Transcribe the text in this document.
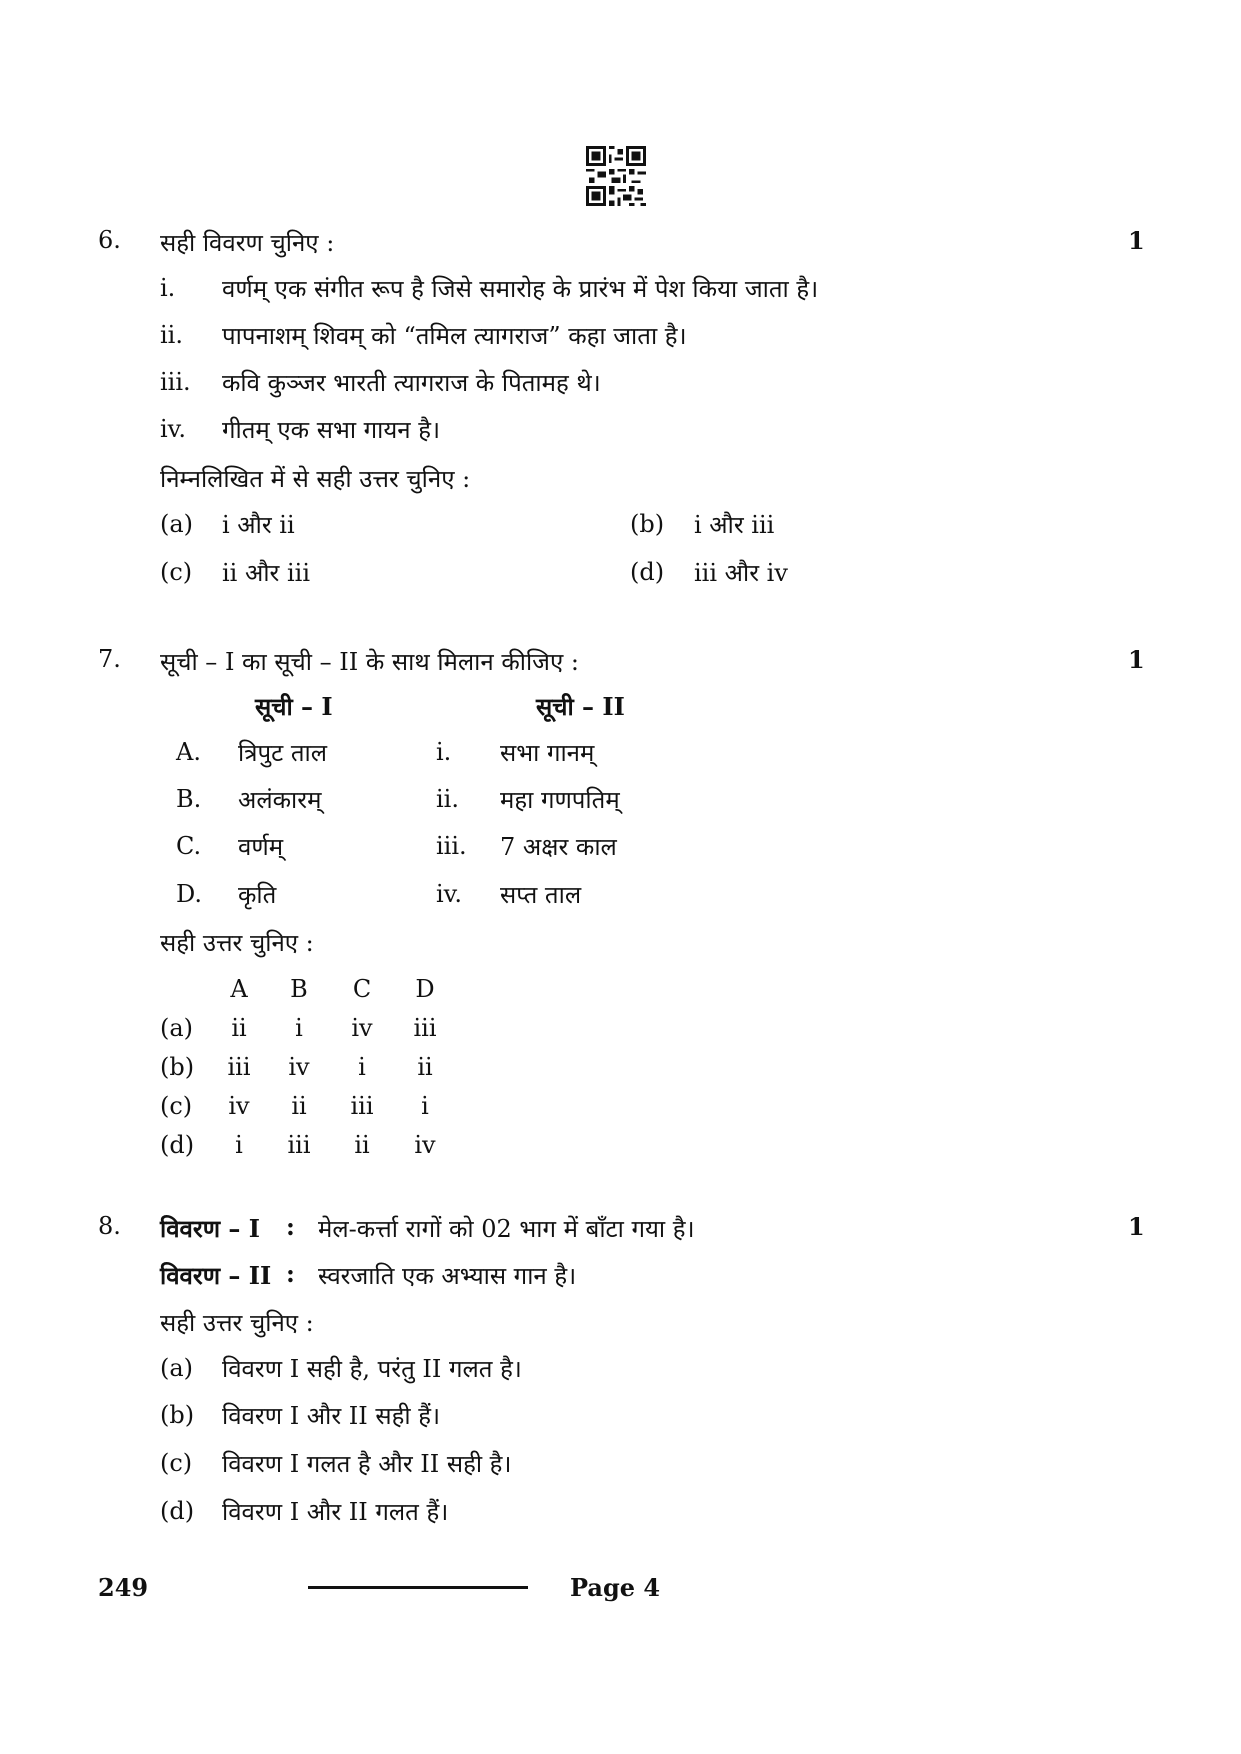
6. सही विवरण चुनिए :	1
i. वर्णम् एक संगीत रूप है जिसे समारोह के प्रारंभ में पेश किया जाता है।
ii. पापनाशम् शिवम् को “तमिल त्यागराज” कहा जाता है।
iii. कवि कुञ्जर भारती त्यागराज के पितामह थे।
iv. गीतम् एक सभा गायन है।
निम्नलिखित में से सही उत्तर चुनिए :
(a) i और ii	(b) i और iii
(c) ii और iii	(d) iii और iv
7. सूची – I का सूची – II के साथ मिलान कीजिए :	1
सूची – I	सूची – II
A. त्रिपुट ताल	i. सभा गानम्
B. अलंकारम्	ii. महा गणपतिम्
C. वर्णम्	iii. 7 अक्षर काल
D. कृति	iv. सप्त ताल
सही उत्तर चुनिए :
A B C D
(a)	ii	i	iv	iii
(b)	iii	iv	i	ii
(c)	iv	ii	iii	i
(d)	i	iii	ii	iv
8. विवरण – I : मेल-कर्त्ता रागों को 02 भाग में बाँटा गया है।	1
विवरण – II : स्वरजाति एक अभ्यास गान है।
सही उत्तर चुनिए :
(a) विवरण I सही है, परंतु II गलत है।
(b) विवरण I और II सही हैं।
(c) विवरण I गलत है और II सही है।
(d) विवरण I और II गलत हैं।
249	Page 4
